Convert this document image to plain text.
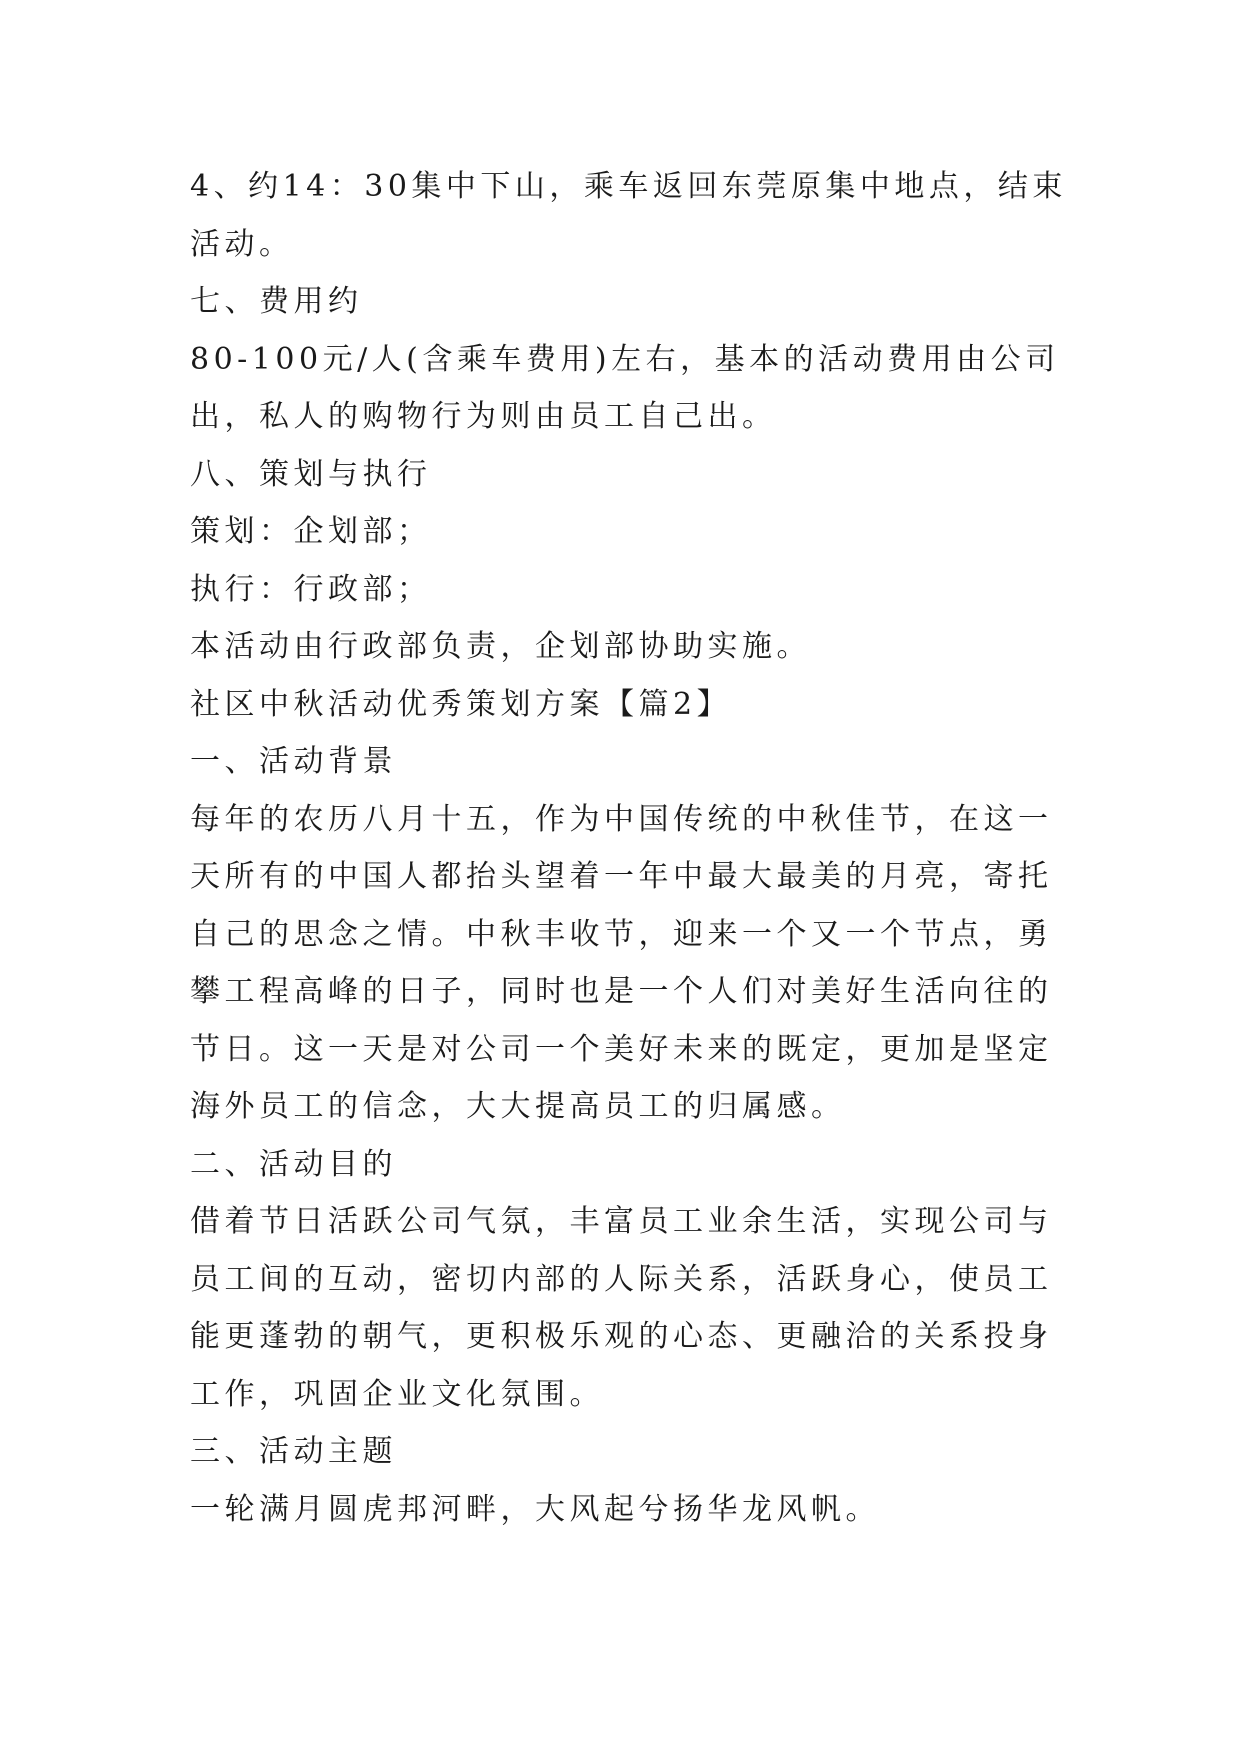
4、约14：30集中下山，乘车返回东莞原集中地点，结束活动。

七、费用约

80-100元/人(含乘车费用)左右，基本的活动费用由公司出，私人的购物行为则由员工自己出。

八、策划与执行

策划：企划部；

执行：行政部；

本活动由行政部负责，企划部协助实施。

社区中秋活动优秀策划方案【篇2】

一、活动背景

每年的农历八月十五，作为中国传统的中秋佳节，在这一天所有的中国人都抬头望着一年中最大最美的月亮，寄托自己的思念之情。中秋丰收节，迎来一个又一个节点，勇攀工程高峰的日子，同时也是一个人们对美好生活向往的节日。这一天是对公司一个美好未来的既定，更加是坚定海外员工的信念，大大提高员工的归属感。

二、活动目的

借着节日活跃公司气氛，丰富员工业余生活，实现公司与员工间的互动，密切内部的人际关系，活跃身心，使员工能更蓬勃的朝气，更积极乐观的心态、更融洽的关系投身工作，巩固企业文化氛围。

三、活动主题

一轮满月圆虎邦河畔，大风起兮扬华龙风帆。
